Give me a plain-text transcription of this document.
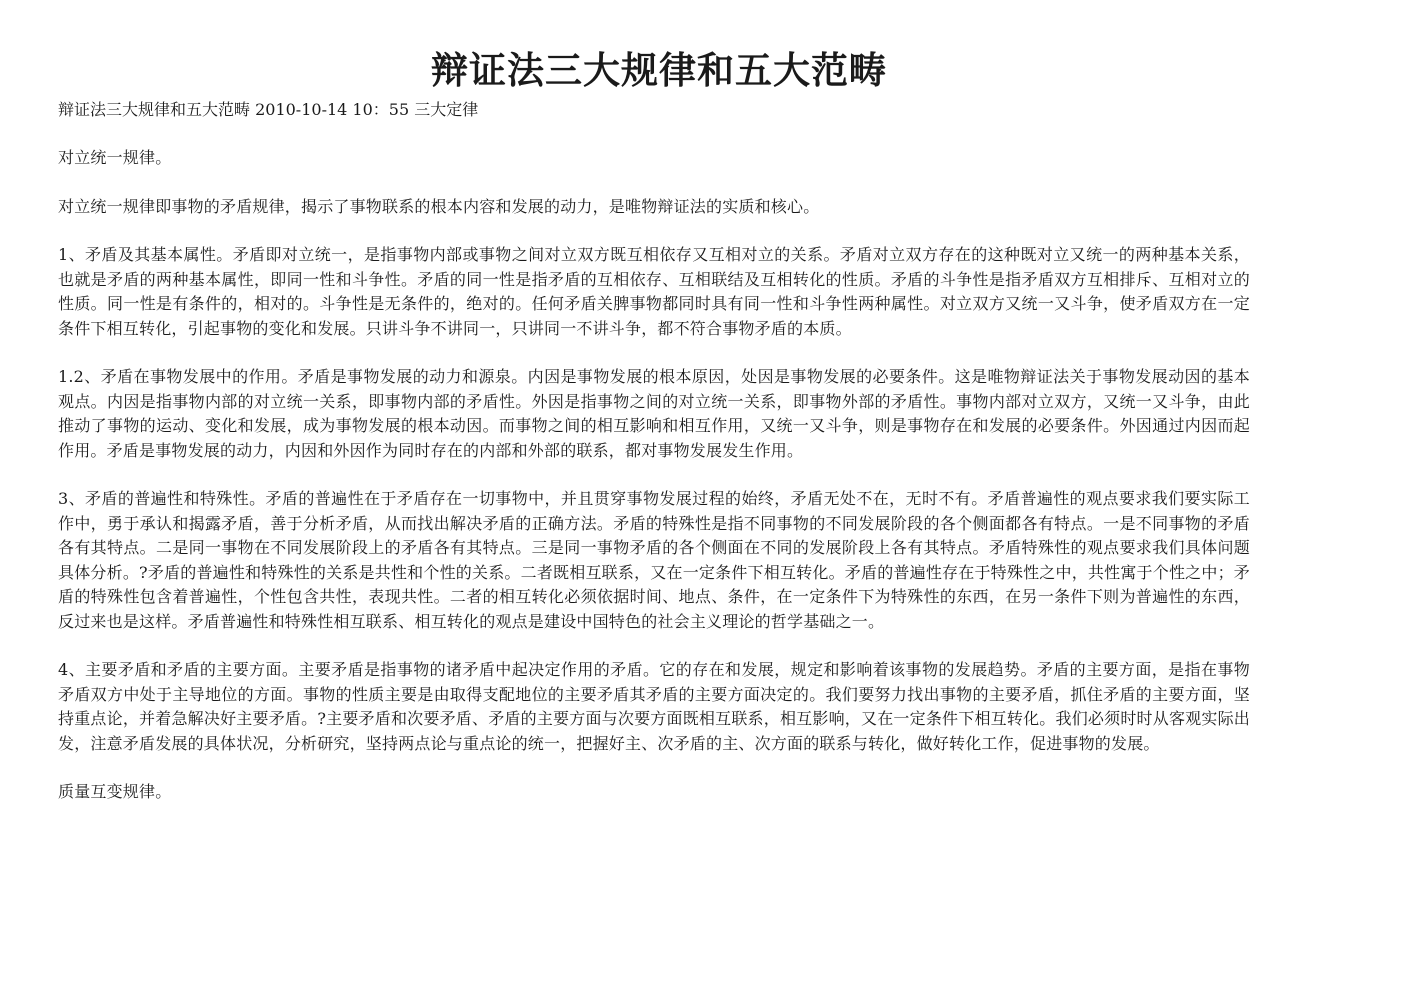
辩证法三大规律和五大范畴

辩证法三大规律和五大范畴 2010-10-14 10：55 三大定律

对立统一规律。

对立统一规律即事物的矛盾规律，揭示了事物联系的根本内容和发展的动力，是唯物辩证法的实质和核心。

1、矛盾及其基本属性。矛盾即对立统一，是指事物内部或事物之间对立双方既互相依存又互相对立的关系。矛盾对立双方存在的这种既对立又统一的两种基本关系，也就是矛盾的两种基本属性，即同一性和斗争性。矛盾的同一性是指矛盾的互相依存、互相联结及互相转化的性质。矛盾的斗争性是指矛盾双方互相排斥、互相对立的性质。同一性是有条件的，相对的。斗争性是无条件的，绝对的。任何矛盾关脾事物都同时具有同一性和斗争性两种属性。对立双方又统一又斗争，使矛盾双方在一定条件下相互转化，引起事物的变化和发展。只讲斗争不讲同一，只讲同一不讲斗争，都不符合事物矛盾的本质。

1.2、矛盾在事物发展中的作用。矛盾是事物发展的动力和源泉。内因是事物发展的根本原因，处因是事物发展的必要条件。这是唯物辩证法关于事物发展动因的基本观点。内因是指事物内部的对立统一关系，即事物内部的矛盾性。外因是指事物之间的对立统一关系，即事物外部的矛盾性。事物内部对立双方，又统一又斗争，由此推动了事物的运动、变化和发展，成为事物发展的根本动因。而事物之间的相互影响和相互作用，又统一又斗争，则是事物存在和发展的必要条件。外因通过内因而起作用。矛盾是事物发展的动力，内因和外因作为同时存在的内部和外部的联系，都对事物发展发生作用。

3、矛盾的普遍性和特殊性。矛盾的普遍性在于矛盾存在一切事物中，并且贯穿事物发展过程的始终，矛盾无处不在，无时不有。矛盾普遍性的观点要求我们要实际工作中，勇于承认和揭露矛盾，善于分析矛盾，从而找出解决矛盾的正确方法。矛盾的特殊性是指不同事物的不同发展阶段的各个侧面都各有特点。一是不同事物的矛盾各有其特点。二是同一事物在不同发展阶段上的矛盾各有其特点。三是同一事物矛盾的各个侧面在不同的发展阶段上各有其特点。矛盾特殊性的观点要求我们具体问题具体分析。?矛盾的普遍性和特殊性的关系是共性和个性的关系。二者既相互联系，又在一定条件下相互转化。矛盾的普遍性存在于特殊性之中，共性寓于个性之中；矛盾的特殊性包含着普遍性，个性包含共性，表现共性。二者的相互转化必须依据时间、地点、条件，在一定条件下为特殊性的东西，在另一条件下则为普遍性的东西，反过来也是这样。矛盾普遍性和特殊性相互联系、相互转化的观点是建设中国特色的社会主义理论的哲学基础之一。

4、主要矛盾和矛盾的主要方面。主要矛盾是指事物的诸矛盾中起决定作用的矛盾。它的存在和发展，规定和影响着该事物的发展趋势。矛盾的主要方面，是指在事物矛盾双方中处于主导地位的方面。事物的性质主要是由取得支配地位的主要矛盾其矛盾的主要方面决定的。我们要努力找出事物的主要矛盾，抓住矛盾的主要方面，坚持重点论，并着急解决好主要矛盾。?主要矛盾和次要矛盾、矛盾的主要方面与次要方面既相互联系，相互影响，又在一定条件下相互转化。我们必须时时从客观实际出发，注意矛盾发展的具体状况，分析研究，坚持两点论与重点论的统一，把握好主、次矛盾的主、次方面的联系与转化，做好转化工作，促进事物的发展。

质量互变规律。
